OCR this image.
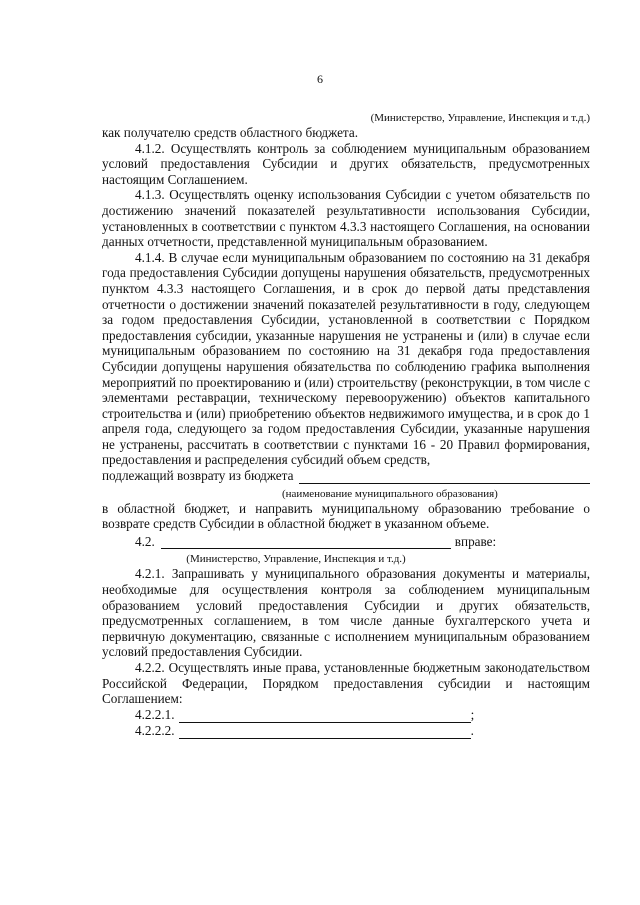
6

(Министерство, Управление, Инспекция и т.д.)

как получателю средств областного бюджета.

4.1.2. Осуществлять контроль за соблюдением муниципальным образованием условий предоставления Субсидии и других обязательств, предусмотренных настоящим Соглашением.

4.1.3. Осуществлять оценку использования Субсидии с учетом обязательств по достижению значений показателей результативности использования Субсидии, установленных в соответствии с пунктом 4.3.3 настоящего Соглашения, на основании данных отчетности, представленной муниципальным образованием.

4.1.4. В случае если муниципальным образованием по состоянию на 31 декабря года предоставления Субсидии допущены нарушения обязательств, предусмотренных пунктом 4.3.3 настоящего Соглашения, и в срок до первой даты представления отчетности о достижении значений показателей результативности в году, следующем за годом предоставления Субсидии, установленной в соответствии с Порядком предоставления субсидии, указанные нарушения не устранены и (или) в случае если муниципальным образованием по состоянию на 31 декабря года предоставления Субсидии допущены нарушения обязательства по соблюдению графика выполнения мероприятий по проектированию и (или) строительству (реконструкции, в том числе с элементами реставрации, техническому перевооружению) объектов капитального строительства и (или) приобретению объектов недвижимого имущества, и в срок до 1 апреля года, следующего за годом предоставления Субсидии, указанные нарушения не устранены, рассчитать в соответствии с пунктами 16 - 20 Правил формирования, предоставления и распределения субсидий объем средств,

подлежащий возврату из бюджета

(наименование муниципального образования)

в областной бюджет, и направить муниципальному образованию требование о возврате средств Субсидии в областной бюджет в указанном объеме.

4.2.	вправе:

(Министерство, Управление, Инспекция и т.д.)

4.2.1. Запрашивать у муниципального образования документы и материалы, необходимые для осуществления контроля за соблюдением муниципальным образованием условий предоставления Субсидии и других обязательств, предусмотренных соглашением, в том числе данные бухгалтерского учета и первичную документацию, связанные с исполнением муниципальным образованием условий предоставления Субсидии.

4.2.2. Осуществлять иные права, установленные бюджетным законодательством Российской Федерации, Порядком предоставления субсидии и настоящим Соглашением:

4.2.2.1.	;
4.2.2.2.	.
